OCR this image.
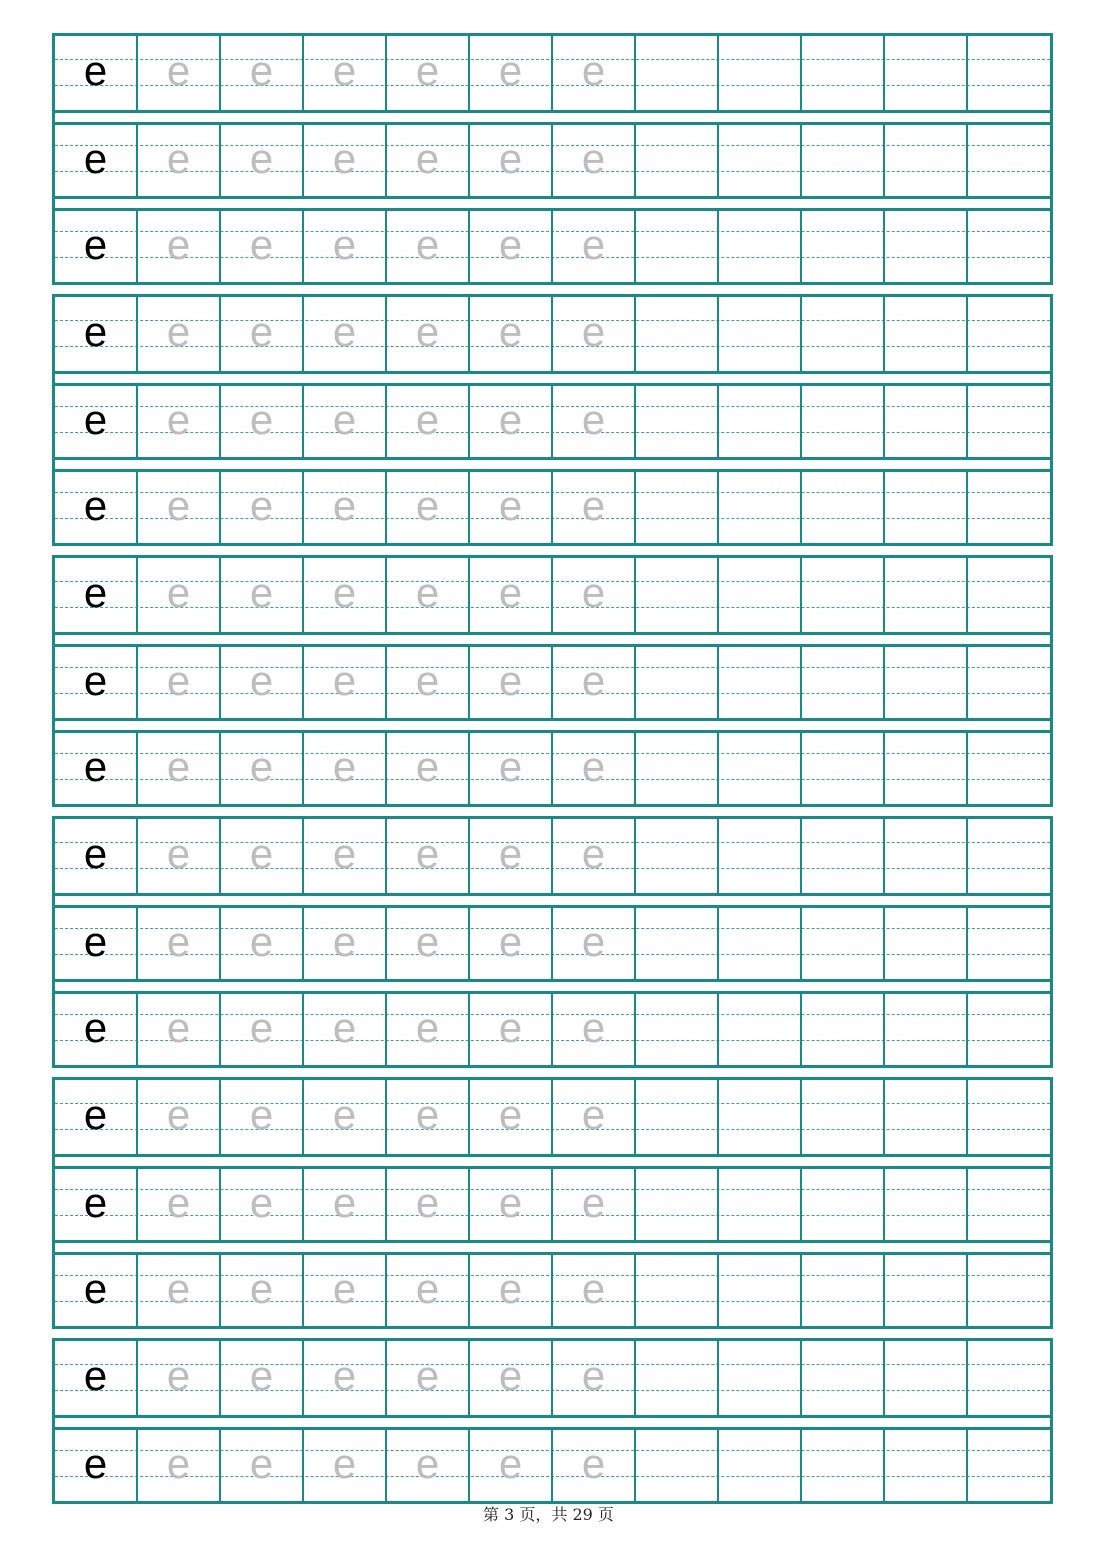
e	e	e	e	e	e	e
e	e	e	e	e	e	e
e	e	e	e	e	e	e
e	e	e	e	e	e	e
e	e	e	e	e	e	e
e	e	e	e	e	e	e
e	e	e	e	e	e	e
e	e	e	e	e	e	e
e	e	e	e	e	e	e
e	e	e	e	e	e	e
e	e	e	e	e	e	e
e	e	e	e	e	e	e
e	e	e	e	e	e	e
e	e	e	e	e	e	e
e	e	e	e	e	e	e
e	e	e	e	e	e	e
e	e	e	e	e	e	e
第 3 页，共 29 页
